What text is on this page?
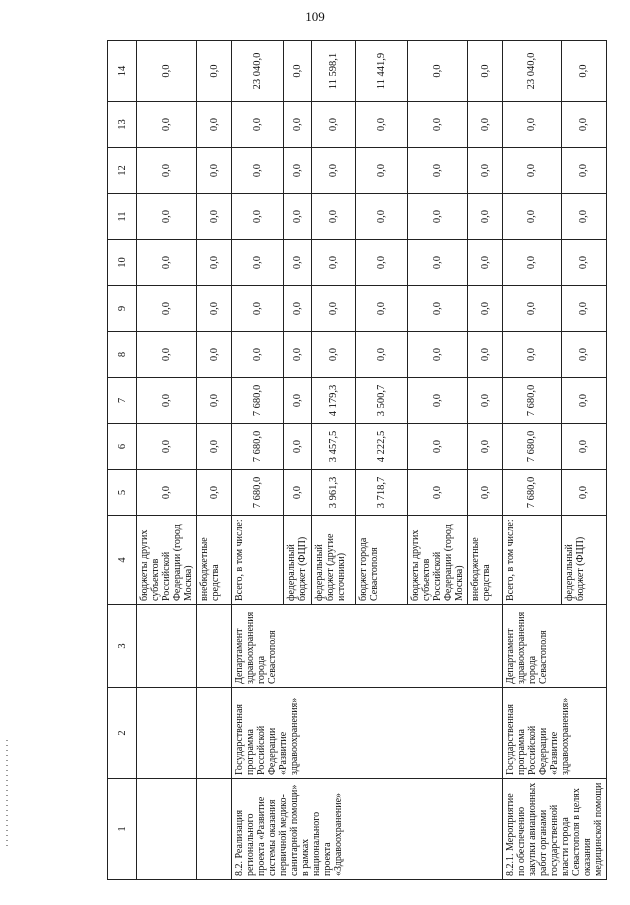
109
1	2	3	4	5	6	7	8	9	10	11	12	13	14
			бюджеты других субъектов Российской Федерации (город Москва)	0,0	0,0	0,0	0,0	0,0	0,0	0,0	0,0	0,0	0,0
			внебюджетные средства	0,0	0,0	0,0	0,0	0,0	0,0	0,0	0,0	0,0	0,0
8.2. Реализация регионального проекта «Развитие системы оказания первичной медико-санитарной помощи» в рамках национального проекта «Здравоохранение»	Государственная программа Российской Федерации «Развитие здравоохранения»	Департамент здравоохранения города Севастополя	Всего, в том числе:	7 680,0	7 680,0	7 680,0	0,0	0,0	0,0	0,0	0,0	0,0	23 040,0
			федеральный бюджет (ФЦП)	0,0	0,0	0,0	0,0	0,0	0,0	0,0	0,0	0,0	0,0
			федеральный бюджет (другие источники)	3 961,3	3 457,5	4 179,3	0,0	0,0	0,0	0,0	0,0	0,0	11 598,1
			бюджет города Севастополя	3 718,7	4 222,5	3 500,7	0,0	0,0	0,0	0,0	0,0	0,0	11 441,9
			бюджеты других субъектов Российской Федерации (город Москва)	0,0	0,0	0,0	0,0	0,0	0,0	0,0	0,0	0,0	0,0
			внебюджетные средства	0,0	0,0	0,0	0,0	0,0	0,0	0,0	0,0	0,0	0,0
8.2.1. Мероприятие по обеспечению закупки авиационных работ органами государственной власти города Севастополя в целях оказания медицинской помощи	Государственная программа Российской Федерации «Развитие здравоохранения»	Департамент здравоохранения города Севастополя	Всего, в том числе:	7 680,0	7 680,0	7 680,0	0,0	0,0	0,0	0,0	0,0	0,0	23 040,0
			федеральный бюджет (ФЦП)	0,0	0,0	0,0	0,0	0,0	0,0	0,0	0,0	0,0	0,0
